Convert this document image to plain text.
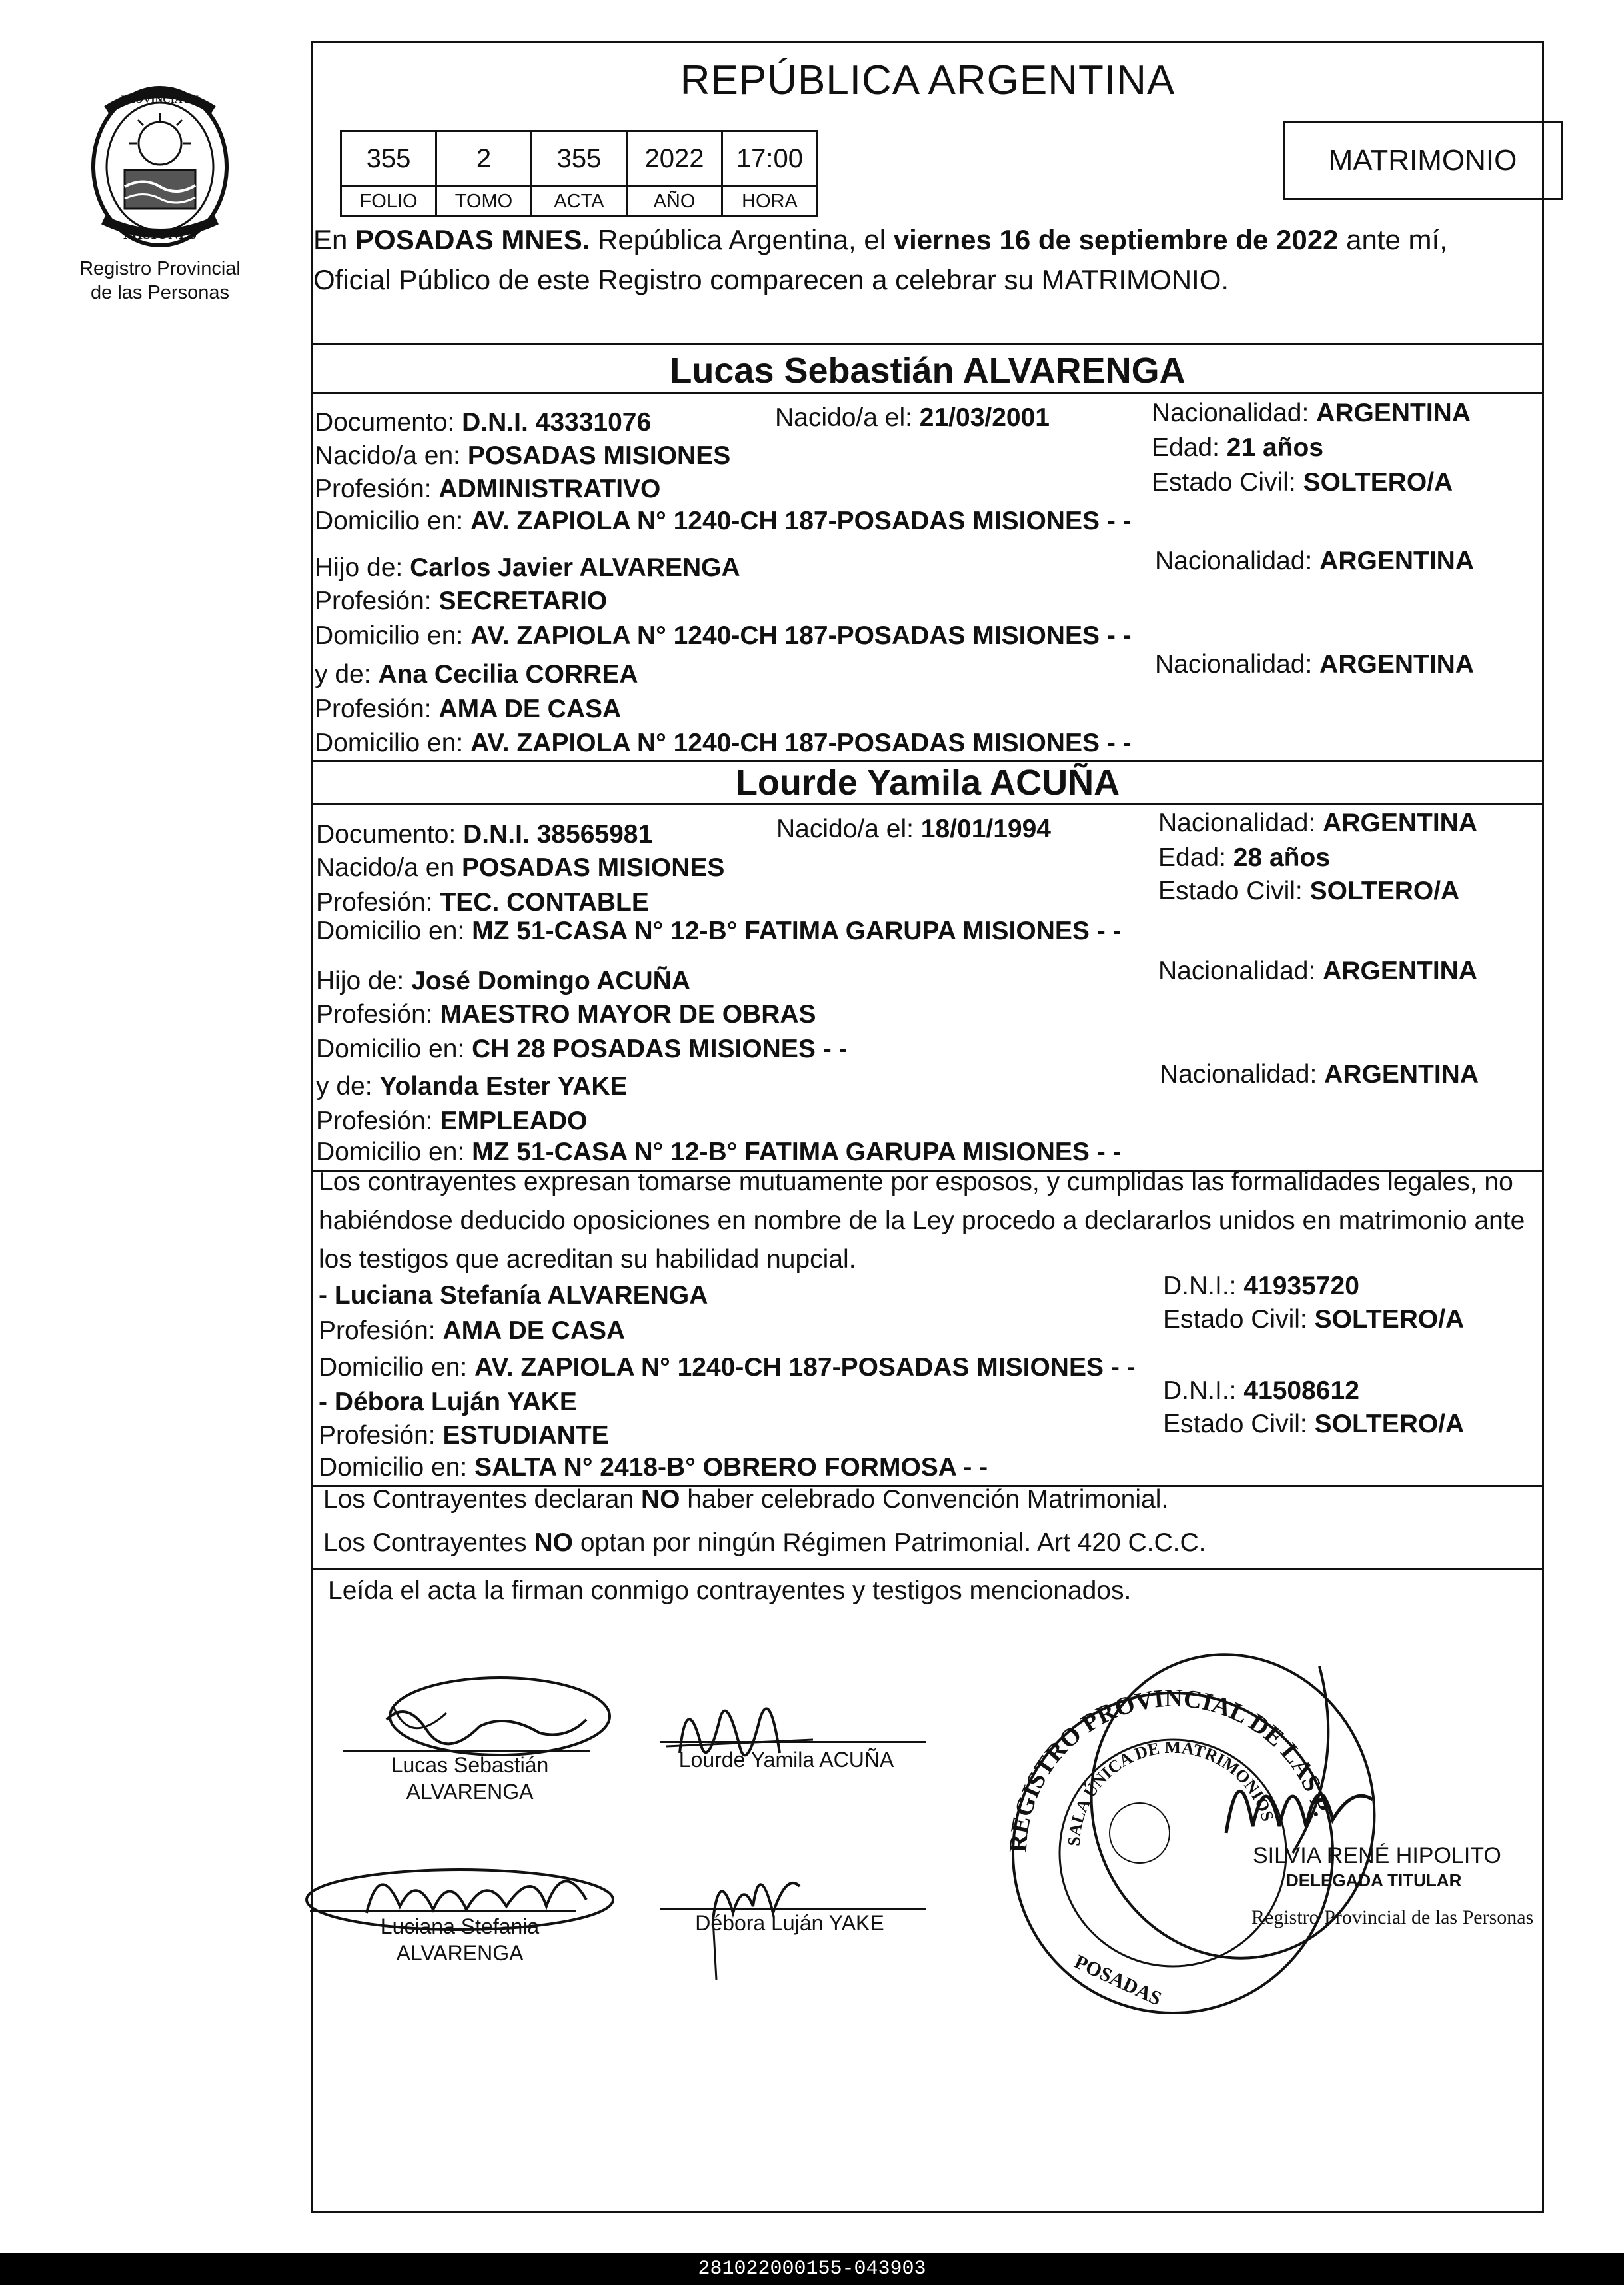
MISIONES
PROVINCIA DE
Registro Provincial
de las Personas
REPÚBLICA ARGENTINA
355	2	355	2022	17:00
FOLIO	TOMO	ACTA	AÑO	HORA
MATRIMONIO
En POSADAS MNES. República Argentina, el viernes 16 de septiembre de 2022 ante mí,
Oficial Público de este Registro comparecen a celebrar su MATRIMONIO.
Lucas Sebastián ALVARENGA
Documento: D.N.I. 43331076	Nacido/a el: 21/03/2001	Nacionalidad: ARGENTINA
Nacido/a en: POSADAS MISIONES	Edad: 21 años
Profesión: ADMINISTRATIVO	Estado Civil: SOLTERO/A
Domicilio en: AV. ZAPIOLA N° 1240-CH 187-POSADAS MISIONES - -
Hijo de: Carlos Javier ALVARENGA	Nacionalidad: ARGENTINA
Profesión: SECRETARIO
Domicilio en: AV. ZAPIOLA N° 1240-CH 187-POSADAS MISIONES - -
y de: Ana Cecilia CORREA	Nacionalidad: ARGENTINA
Profesión: AMA DE CASA
Domicilio en: AV. ZAPIOLA N° 1240-CH 187-POSADAS MISIONES - -
Lourde Yamila ACUÑA
Documento: D.N.I. 38565981	Nacido/a el: 18/01/1994	Nacionalidad: ARGENTINA
Nacido/a en POSADAS MISIONES	Edad: 28 años
Profesión: TEC. CONTABLE	Estado Civil: SOLTERO/A
Domicilio en: MZ 51-CASA N° 12-B° FATIMA GARUPA MISIONES - -
Hijo de: José Domingo ACUÑA	Nacionalidad: ARGENTINA
Profesión: MAESTRO MAYOR DE OBRAS
Domicilio en: CH 28 POSADAS MISIONES - -
y de: Yolanda Ester YAKE	Nacionalidad: ARGENTINA
Profesión: EMPLEADO
Domicilio en: MZ 51-CASA N° 12-B° FATIMA GARUPA MISIONES - -
Los contrayentes expresan tomarse mutuamente por esposos, y cumplidas las formalidades legales, no
habiéndose deducido oposiciones en nombre de la Ley procedo a declararlos unidos en matrimonio ante
los testigos que acreditan su habilidad nupcial.
- Luciana Stefanía ALVARENGA	D.N.I.: 41935720
Profesión: AMA DE CASA	Estado Civil: SOLTERO/A
Domicilio en: AV. ZAPIOLA N° 1240-CH 187-POSADAS MISIONES - -
- Débora Luján YAKE	D.N.I.: 41508612
Profesión: ESTUDIANTE	Estado Civil: SOLTERO/A
Domicilio en: SALTA N° 2418-B° OBRERO FORMOSA - -
Los Contrayentes declaran NO haber celebrado Convención Matrimonial.
Los Contrayentes NO optan por ningún Régimen Patrimonial. Art 420 C.C.C.
Leída el acta la firman conmigo contrayentes y testigos mencionados.
Lucas Sebastián
ALVARENGA
Lourde Yamila ACUÑA
Luciana Stefania
ALVARENGA
Débora Luján YAKE
REGISTRO PROVINCIAL DE LAS P.
SALA ÚNICA DE MATRIMONIOS
POSADAS
SILVIA RENÉ HIPOLITO
DELEGADA TITULAR
Registro Provincial de las Personas
281022000155-043903
